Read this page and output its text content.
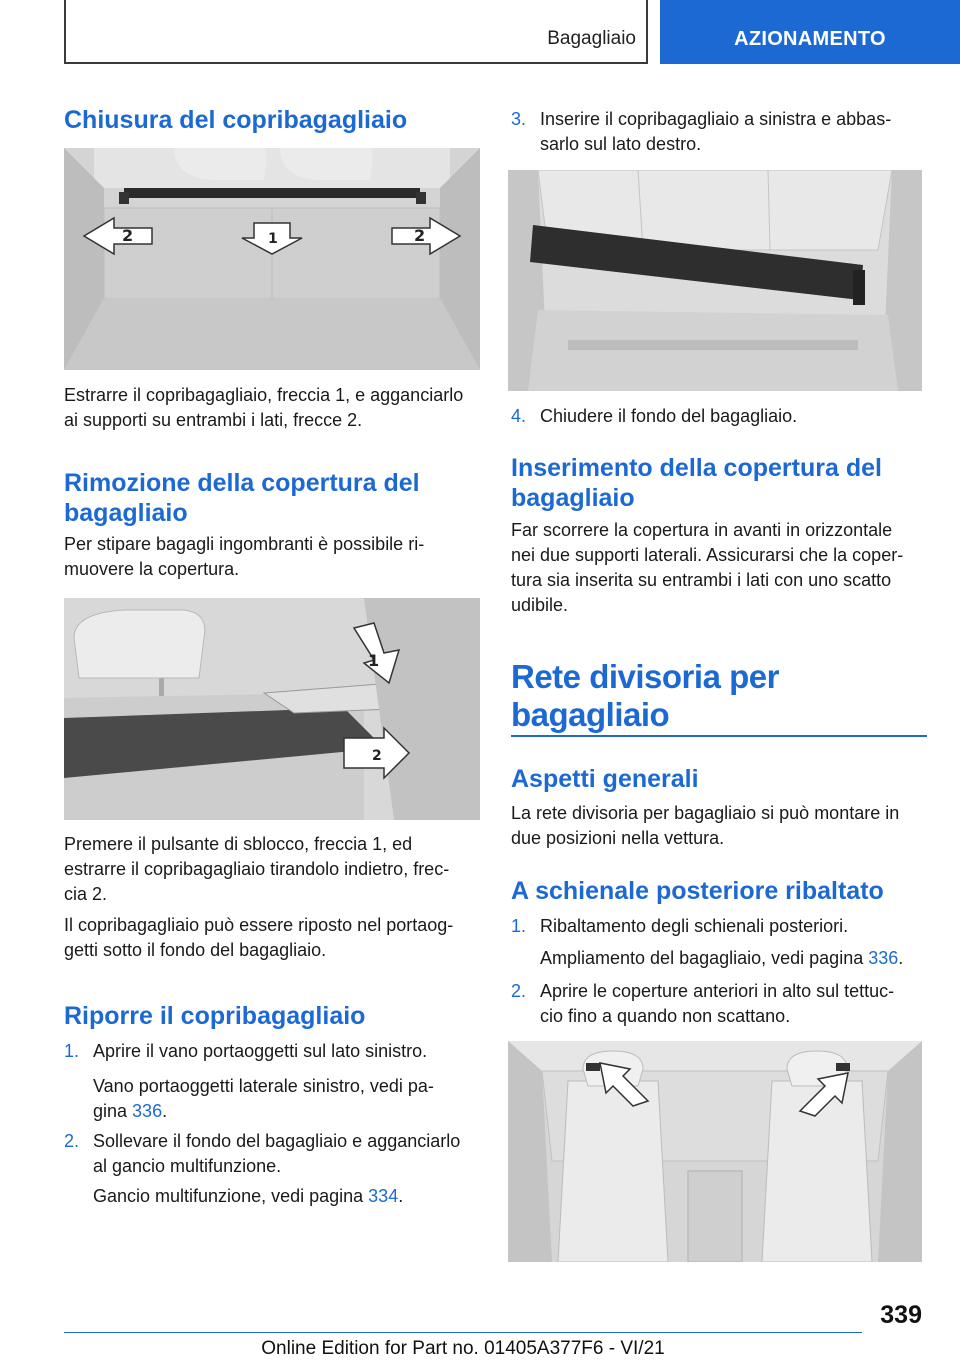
Bagagliaio	AZIONAMENTO
Chiusura del copribagagliaio
2	1	2

Estrarre il copribagagliaio, freccia 1, e agganciarlo
ai supporti su entrambi i lati, frecce 2.

Rimozione della copertura del
bagagliaio

Per stipare bagagli ingombranti è possibile ri-
muovere la copertura.

1
2

Premere il pulsante di sblocco, freccia 1, ed
estrarre il copribagagliaio tirandolo indietro, frec-
cia 2.

Il copribagagliaio può essere riposto nel portaog-
getti sotto il fondo del bagagliaio.

Riporre il copribagagliaio
1. Aprire il vano portaoggetti sul lato sinistro.
Vano portaoggetti laterale sinistro, vedi pa-
gina 336.
2. Sollevare il fondo del bagagliaio e agganciarlo
al gancio multifunzione.
Gancio multifunzione, vedi pagina 334.
3. Inserire il copribagagliaio a sinistra e abbas-
sarlo sul lato destro.
4. Chiudere il fondo del bagagliaio.
Inserimento della copertura del
bagagliaio

Far scorrere la copertura in avanti in orizzontale
nei due supporti laterali. Assicurarsi che la coper-
tura sia inserita su entrambi i lati con uno scatto
udibile.

Rete divisoria per
bagagliaio
Aspetti generali

La rete divisoria per bagagliaio si può montare in
due posizioni nella vettura.

A schienale posteriore ribaltato
1. Ribaltamento degli schienali posteriori.
Ampliamento del bagagliaio, vedi pagina 336.
2. Aprire le coperture anteriori in alto sul tettuc-
cio fino a quando non scattano.
339
Online Edition for Part no. 01405A377F6 - VI/21
